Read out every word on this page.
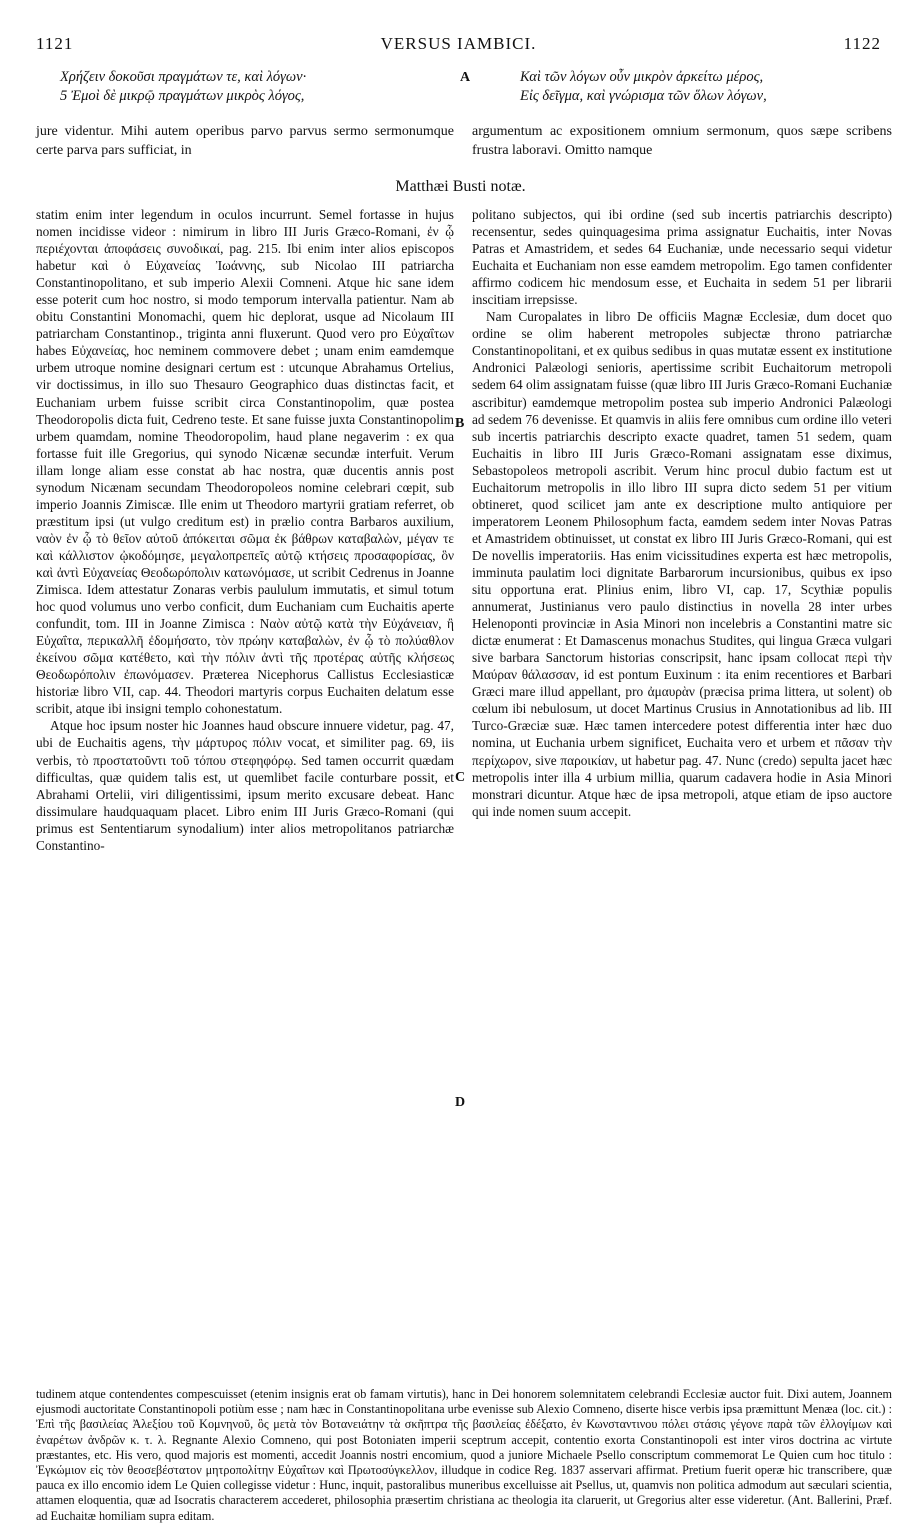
1121	VERSUS IAMBICI.	1122
Χρήζειν δοκοῦσι πραγμάτων τε, καὶ λόγων·
5 Ἐμοὶ δὲ μικρῷ πραγμάτων μικρὸς λόγος,
A	Καὶ τῶν λόγων οὖν μικρὸν ἀρκείτω μέρος,
Εἰς δεῖγμα, καὶ γνώρισμα τῶν ὅλων λόγων,
jure videntur. Mihi autem operibus parvo parvus sermo sermonumque certe parva pars sufficiat, in
argumentum ac expositionem omnium sermonum, quos sæpe scribens frustra laboravi. Omitto namque
Matthæi Busti notæ.

statim enim inter legendum in oculos incurrunt. Semel fortasse in hujus nomen incidisse videor : nimirum in libro III Juris Græco-Romani, ἐν ᾧ περιέχονται ἀποφάσεις συνοδικαί, pag. 215. Ibi enim inter alios episcopos habetur καὶ ὁ Εὐχανείας Ἰωάννης, sub Nicolao III patriarcha Constantinopolitano, et sub imperio Alexii Comneni. Atque hic sane idem esse poterit cum hoc nostro, si modo temporum intervalla patientur. Nam ab obitu Constantini Monomachi, quem hic deplorat, usque ad Nicolaum III patriarcham Constantinop., triginta anni fluxerunt. Quod vero pro Εὐχαΐτων habes Εὐχανείας, hoc neminem commovere debet ; unam enim eamdemque urbem utroque nomine designari certum est : utcunque Abrahamus Ortelius, vir doctissimus, in illo suo Thesauro Geographico duas distinctas facit, et Euchaniam urbem fuisse scribit circa Constantinopolim, quæ postea Theodoropolis dicta fuit, Cedreno teste. Et sane fuisse juxta Constantinopolim urbem quamdam, nomine Theodoropolim, haud plane negaverim : ex qua fortasse fuit ille Gregorius, qui synodo Nicænæ secundæ interfuit. Verum illam longe aliam esse constat ab hac nostra, quæ ducentis annis post synodum Nicænam secundam Theodoropoleos nomine celebrari cœpit, sub imperio Joannis Zimiscæ. Ille enim ut Theodoro martyrii gratiam referret, ob præstitum ipsi (ut vulgo creditum est) in prælio contra Barbaros auxilium, ναὸν ἐν ᾧ τὸ θεῖον αὐτοῦ ἀπόκειται σῶμα ἐκ βάθρων καταβαλὼν, μέγαν τε καὶ κάλλιστον ᾠκοδόμησε, μεγαλοπρεπεῖς αὐτῷ κτήσεις προσαφορίσας, ὃν καὶ ἀντὶ Εὐχανείας Θεοδωρόπολιν κατωνόμασε, ut scribit Cedrenus in Joanne Zimisca. Idem attestatur Zonaras verbis paululum immutatis, et simul totum hoc quod volumus uno verbo conficit, dum Euchaniam cum Euchaitis aperte confundit, tom. III in Joanne Zimisca : Ναὸν αὐτῷ κατὰ τὴν Εὐχάνειαν, ἢ Εὐχαΐτα, περικαλλῆ ἐδομήσατο, τὸν πρώην καταβαλὼν, ἐν ᾧ τὸ πολύαθλον ἐκείνου σῶμα κατέθετο, καὶ τὴν πόλιν ἀντὶ τῆς προτέρας αὐτῆς κλήσεως Θεοδωρόπολιν ἐπωνόμασεν. Præterea Nicephorus Callistus Ecclesiasticæ historiæ libro VII, cap. 44. Theodori martyris corpus Euchaiten delatum esse scribit, atque ibi insigni templo cohonestatum.

Atque hoc ipsum noster hic Joannes haud obscure innuere videtur, pag. 47, ubi de Euchaitis agens, τὴν μάρτυρος πόλιν vocat, et similiter pag. 69, iis verbis, τὸ προστατοῦντι τοῦ τόπου στεφηφόρῳ. Sed tamen occurrit quædam difficultas, quæ quidem talis est, ut quemlibet facile conturbare possit, et Abrahami Ortelii, viri diligentissimi, ipsum merito excusare debeat. Hanc dissimulare haudquaquam placet. Libro enim III Juris Græco-Romani (qui primus est Sententiarum synodalium) inter alios metropolitanos patriarchæ Constantino-

B
C
D

politano subjectos, qui ibi ordine (sed sub incertis patriarchis descripto) recensentur, sedes quinquagesima prima assignatur Euchaitis, inter Novas Patras et Amastridem, et sedes 64 Euchaniæ, unde necessario sequi videtur Euchaita et Euchaniam non esse eamdem metropolim. Ego tamen confidenter affirmo codicem hic mendosum esse, et Euchaita in sedem 51 per librarii inscitiam irrepsisse.

Nam Curopalates in libro De officiis Magnæ Ecclesiæ, dum docet quo ordine se olim haberent metropoles subjectæ throno patriarchæ Constantinopolitani, et ex quibus sedibus in quas mutatæ essent ex institutione Andronici Palæologi senioris, apertissime scribit Euchaitorum metropoli sedem 64 olim assignatam fuisse (quæ libro III Juris Græco-Romani Euchaniæ ascribitur) eamdemque metropolim postea sub imperio Andronici Palæologi ad sedem 76 devenisse. Et quamvis in aliis fere omnibus cum ordine illo veteri sub incertis patriarchis descripto exacte quadret, tamen 51 sedem, quam Euchaitis in libro III Juris Græco-Romani assignatam esse diximus, Sebastopoleos metropoli ascribit. Verum hinc procul dubio factum est ut Euchaitorum metropolis in illo libro III supra dicto sedem 51 per vitium obtineret, quod scilicet jam ante ex descriptione multo antiquiore per imperatorem Leonem Philosophum facta, eamdem sedem inter Novas Patras et Amastridem obtinuisset, ut constat ex libro III Juris Græco-Romani, qui est De novellis imperatoriis. Has enim vicissitudines experta est hæc metropolis, imminuta paulatim loci dignitate Barbarorum incursionibus, quibus ex ipso situ opportuna erat. Plinius enim, libro VI, cap. 17, Scythiæ populis annumerat, Justinianus vero paulo distinctius in novella 28 inter urbes Helenoponti provinciæ in Asia Minori non incelebris a Constantini matre sic dictæ enumerat : Et Damascenus monachus Studites, qui lingua Græca vulgari sive barbara Sanctorum historias conscripsit, hanc ipsam collocat περὶ τὴν Μαύραν θάλασσαν, id est pontum Euxinum : ita enim recentiores et Barbari Græci mare illud appellant, pro ἀμαυρὰν (præcisa prima littera, ut solent) ob cœlum ibi nebulosum, ut docet Martinus Crusius in Annotationibus ad lib. III Turco-Græciæ suæ. Hæc tamen intercedere potest differentia inter hæc duo nomina, ut Euchania urbem significet, Euchaita vero et urbem et πᾶσαν τὴν περίχωρον, sive παροικίαν, ut habetur pag. 47. Nunc (credo) sepulta jacet hæc metropolis inter illa 4 urbium millia, quarum cadavera hodie in Asia Minori monstrari dicuntur. Atque hæc de ipsa metropoli, atque etiam de ipso auctore qui inde nomen suum accepit.

tudinem atque contendentes compescuisset (etenim insignis erat ob famam virtutis), hanc in Dei honorem solemnitatem celebrandi Ecclesiæ auctor fuit. Dixi autem, Joannem ejusmodi auctoritate Constantinopoli potiùm esse ; nam hæc in Constantinopolitana urbe evenisse sub Alexio Comneno, diserte hisce verbis ipsa præmittunt Menæa (loc. cit.) : Ἐπὶ τῆς βασιλείας Ἀλεξίου τοῦ Κομνηνοῦ, ὃς μετὰ τὸν Βοτανειάτην τὰ σκῆπτρα τῆς βασιλείας ἐδέξατο, ἐν Κωνσταντινου πόλει στάσις γέγονε παρὰ τῶν ἐλλογίμων καὶ ἐναρέτων ἀνδρῶν κ. τ. λ. Regnante Alexio Comneno, qui post Botoniaten imperii sceptrum accepit, contentio exorta Constantinopoli est inter viros doctrina ac virtute præstantes, etc. His vero, quod majoris est momenti, accedit Joannis nostri encomium, quod a juniore Michaele Psello conscriptum commemorat Le Quien cum hoc titulo : Ἐγκώμιον εἰς τὸν θεοσεβέστατον μητροπολίτην Εὐχαΐτων καὶ Πρωτοσύγκελλον, illudque in codice Reg. 1837 asservari affirmat. Pretium fuerit operæ hic transcribere, quæ pauca ex illo encomio idem Le Quien collegisse videtur : Hunc, inquit, pastoralibus muneribus excelluisse ait Psellus, ut, quamvis non politica admodum aut sæculari scientia, attamen eloquentia, quæ ad Isocratis characterem accederet, philosophia præsertim christiana ac theologia ita claruerit, ut Gregorius alter esse videretur. (Ant. Ballerini, Præf. ad Euchaitæ homiliam supra editam.
